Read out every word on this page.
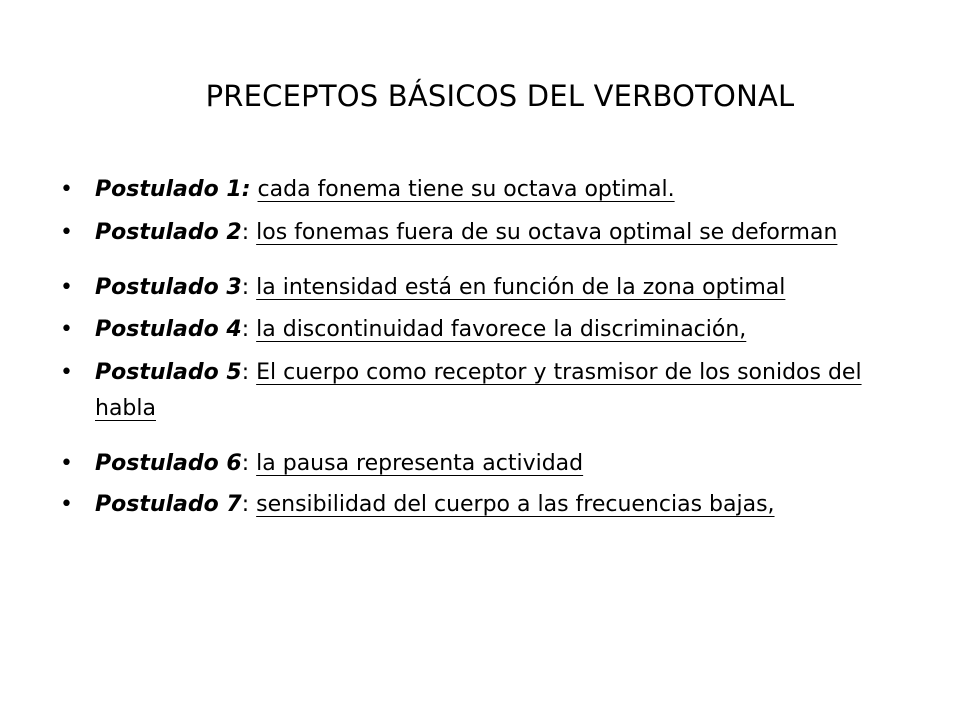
PRECEPTOS BÁSICOS DEL VERBOTONAL
•	Postulado 1: cada fonema tiene su octava optimal.
•	Postulado 2: los fonemas fuera de su octava optimal se deforman
•	Postulado 3: la intensidad está en función de la zona optimal
•	Postulado 4: la discontinuidad favorece la discriminación,
•	Postulado 5: El cuerpo como receptor y trasmisor de los sonidos del habla
•	Postulado 6: la pausa representa actividad
•	Postulado 7: sensibilidad del cuerpo a las frecuencias bajas,
